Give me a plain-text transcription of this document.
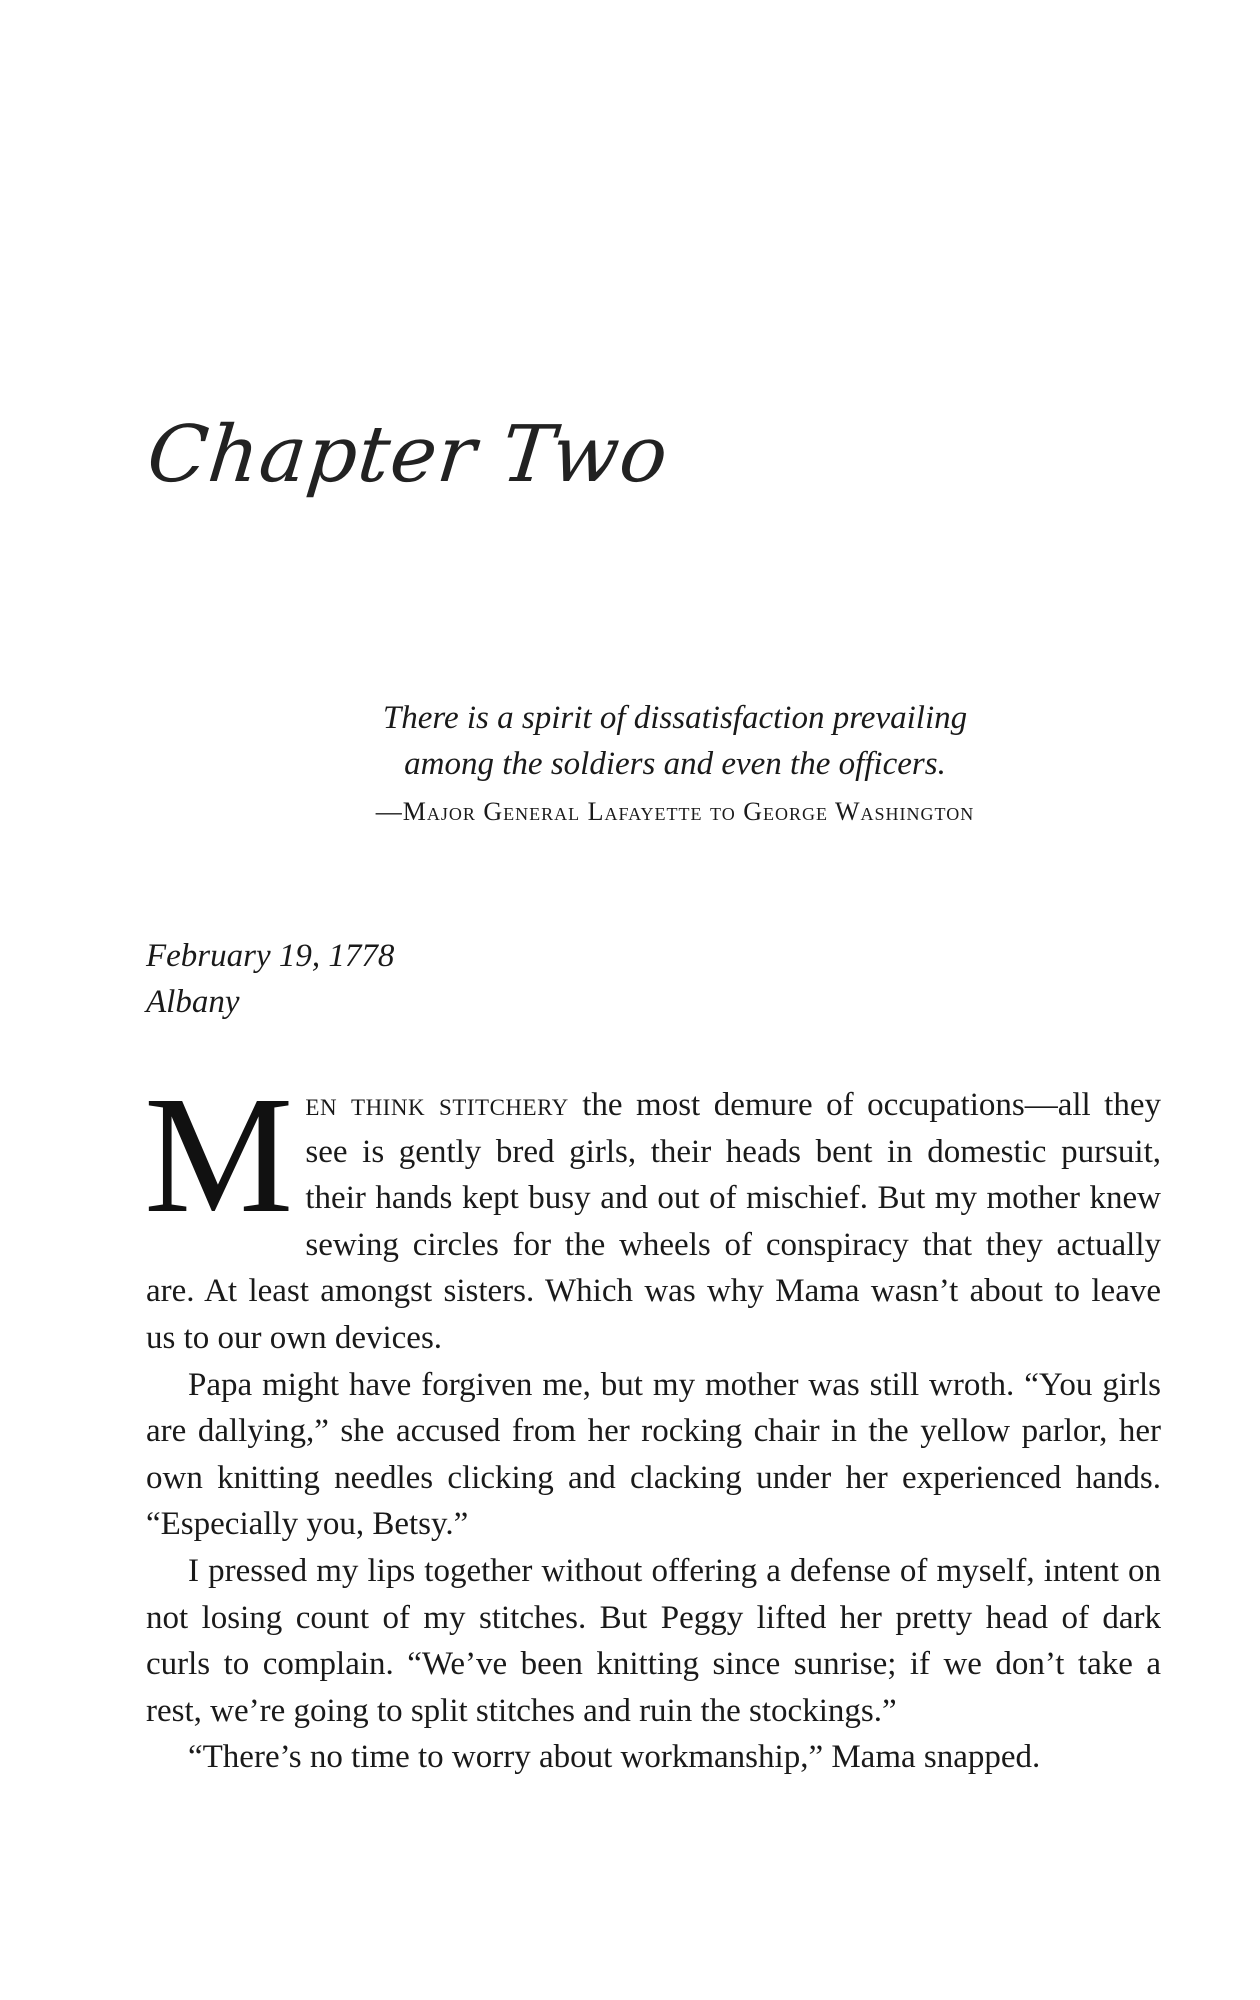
Chapter Two
There is a spirit of dissatisfaction prevailing
among the soldiers and even the officers.
—Major General Lafayette to George Washington
February 19, 1778
Albany

Men think stitchery the most demure of occupations—all they see is gently bred girls, their heads bent in domestic pursuit, their hands kept busy and out of mischief. But my mother knew sewing circles for the wheels of conspiracy that they actually are. At least amongst sisters. Which was why Mama wasn’t about to leave us to our own devices.

Papa might have forgiven me, but my mother was still wroth. “You girls are dallying,” she accused from her rocking chair in the yellow parlor, her own knitting needles clicking and clacking under her experienced hands. “Especially you, Betsy.”

I pressed my lips together without offering a defense of myself, intent on not losing count of my stitches. But Peggy lifted her pretty head of dark curls to complain. “We’ve been knitting since sunrise; if we don’t take a rest, we’re going to split stitches and ruin the stockings.”

“There’s no time to worry about workmanship,” Mama snapped.
